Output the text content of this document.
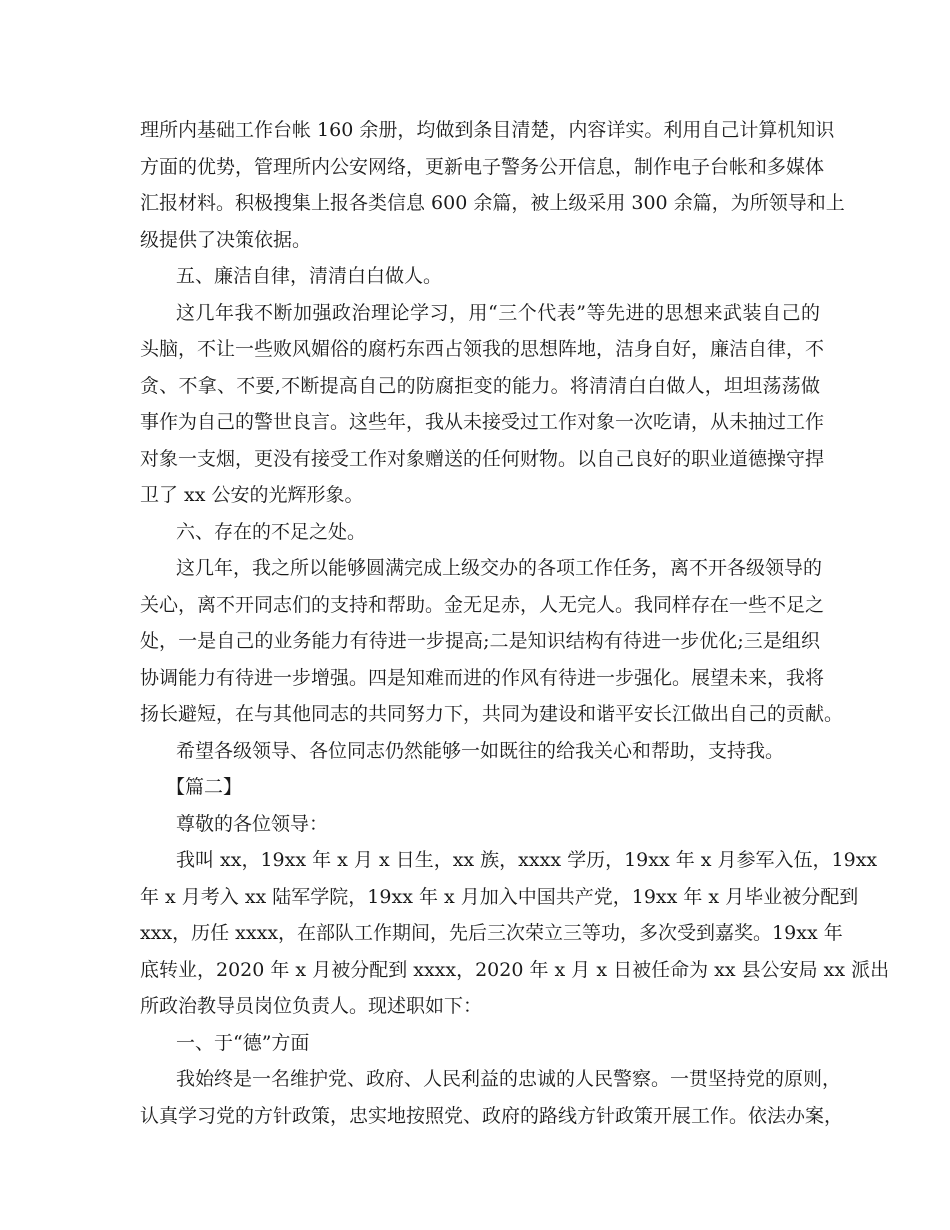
理所内基础工作台帐 160 余册，均做到条目清楚，内容详实。利用自己计算机知识
方面的优势，管理所内公安网络，更新电子警务公开信息，制作电子台帐和多媒体
汇报材料。积极搜集上报各类信息 600 余篇，被上级采用 300 余篇，为所领导和上
级提供了决策依据。
五、廉洁自律，清清白白做人。
这几年我不断加强政治理论学习，用“三个代表”等先进的思想来武装自己的
头脑，不让一些败风媚俗的腐朽东西占领我的思想阵地，洁身自好，廉洁自律，不
贪、不拿、不要,不断提高自己的防腐拒变的能力。将清清白白做人，坦坦荡荡做
事作为自己的警世良言。这些年，我从未接受过工作对象一次吃请，从未抽过工作
对象一支烟，更没有接受工作对象赠送的任何财物。以自己良好的职业道德操守捍
卫了 xx 公安的光辉形象。
六、存在的不足之处。
这几年，我之所以能够圆满完成上级交办的各项工作任务，离不开各级领导的
关心，离不开同志们的支持和帮助。金无足赤，人无完人。我同样存在一些不足之
处，一是自己的业务能力有待进一步提高;二是知识结构有待进一步优化;三是组织
协调能力有待进一步增强。四是知难而进的作风有待进一步强化。展望未来，我将
扬长避短，在与其他同志的共同努力下，共同为建设和谐平安长江做出自己的贡献。
希望各级领导、各位同志仍然能够一如既往的给我关心和帮助，支持我。
【篇二】
尊敬的各位领导：
我叫 xx，19xx 年 x 月 x 日生，xx 族，xxxx 学历，19xx 年 x 月参军入伍，19xx
年 x 月考入 xx 陆军学院，19xx 年 x 月加入中国共产党，19xx 年 x 月毕业被分配到
xxx，历任 xxxx，在部队工作期间，先后三次荣立三等功，多次受到嘉奖。19xx 年
底转业，2020 年 x 月被分配到 xxxx，2020 年 x 月 x 日被任命为 xx 县公安局 xx 派出
所政治教导员岗位负责人。现述职如下：
一、于“德”方面
我始终是一名维护党、政府、人民利益的忠诚的人民警察。一贯坚持党的原则，
认真学习党的方针政策，忠实地按照党、政府的路线方针政策开展工作。依法办案，
